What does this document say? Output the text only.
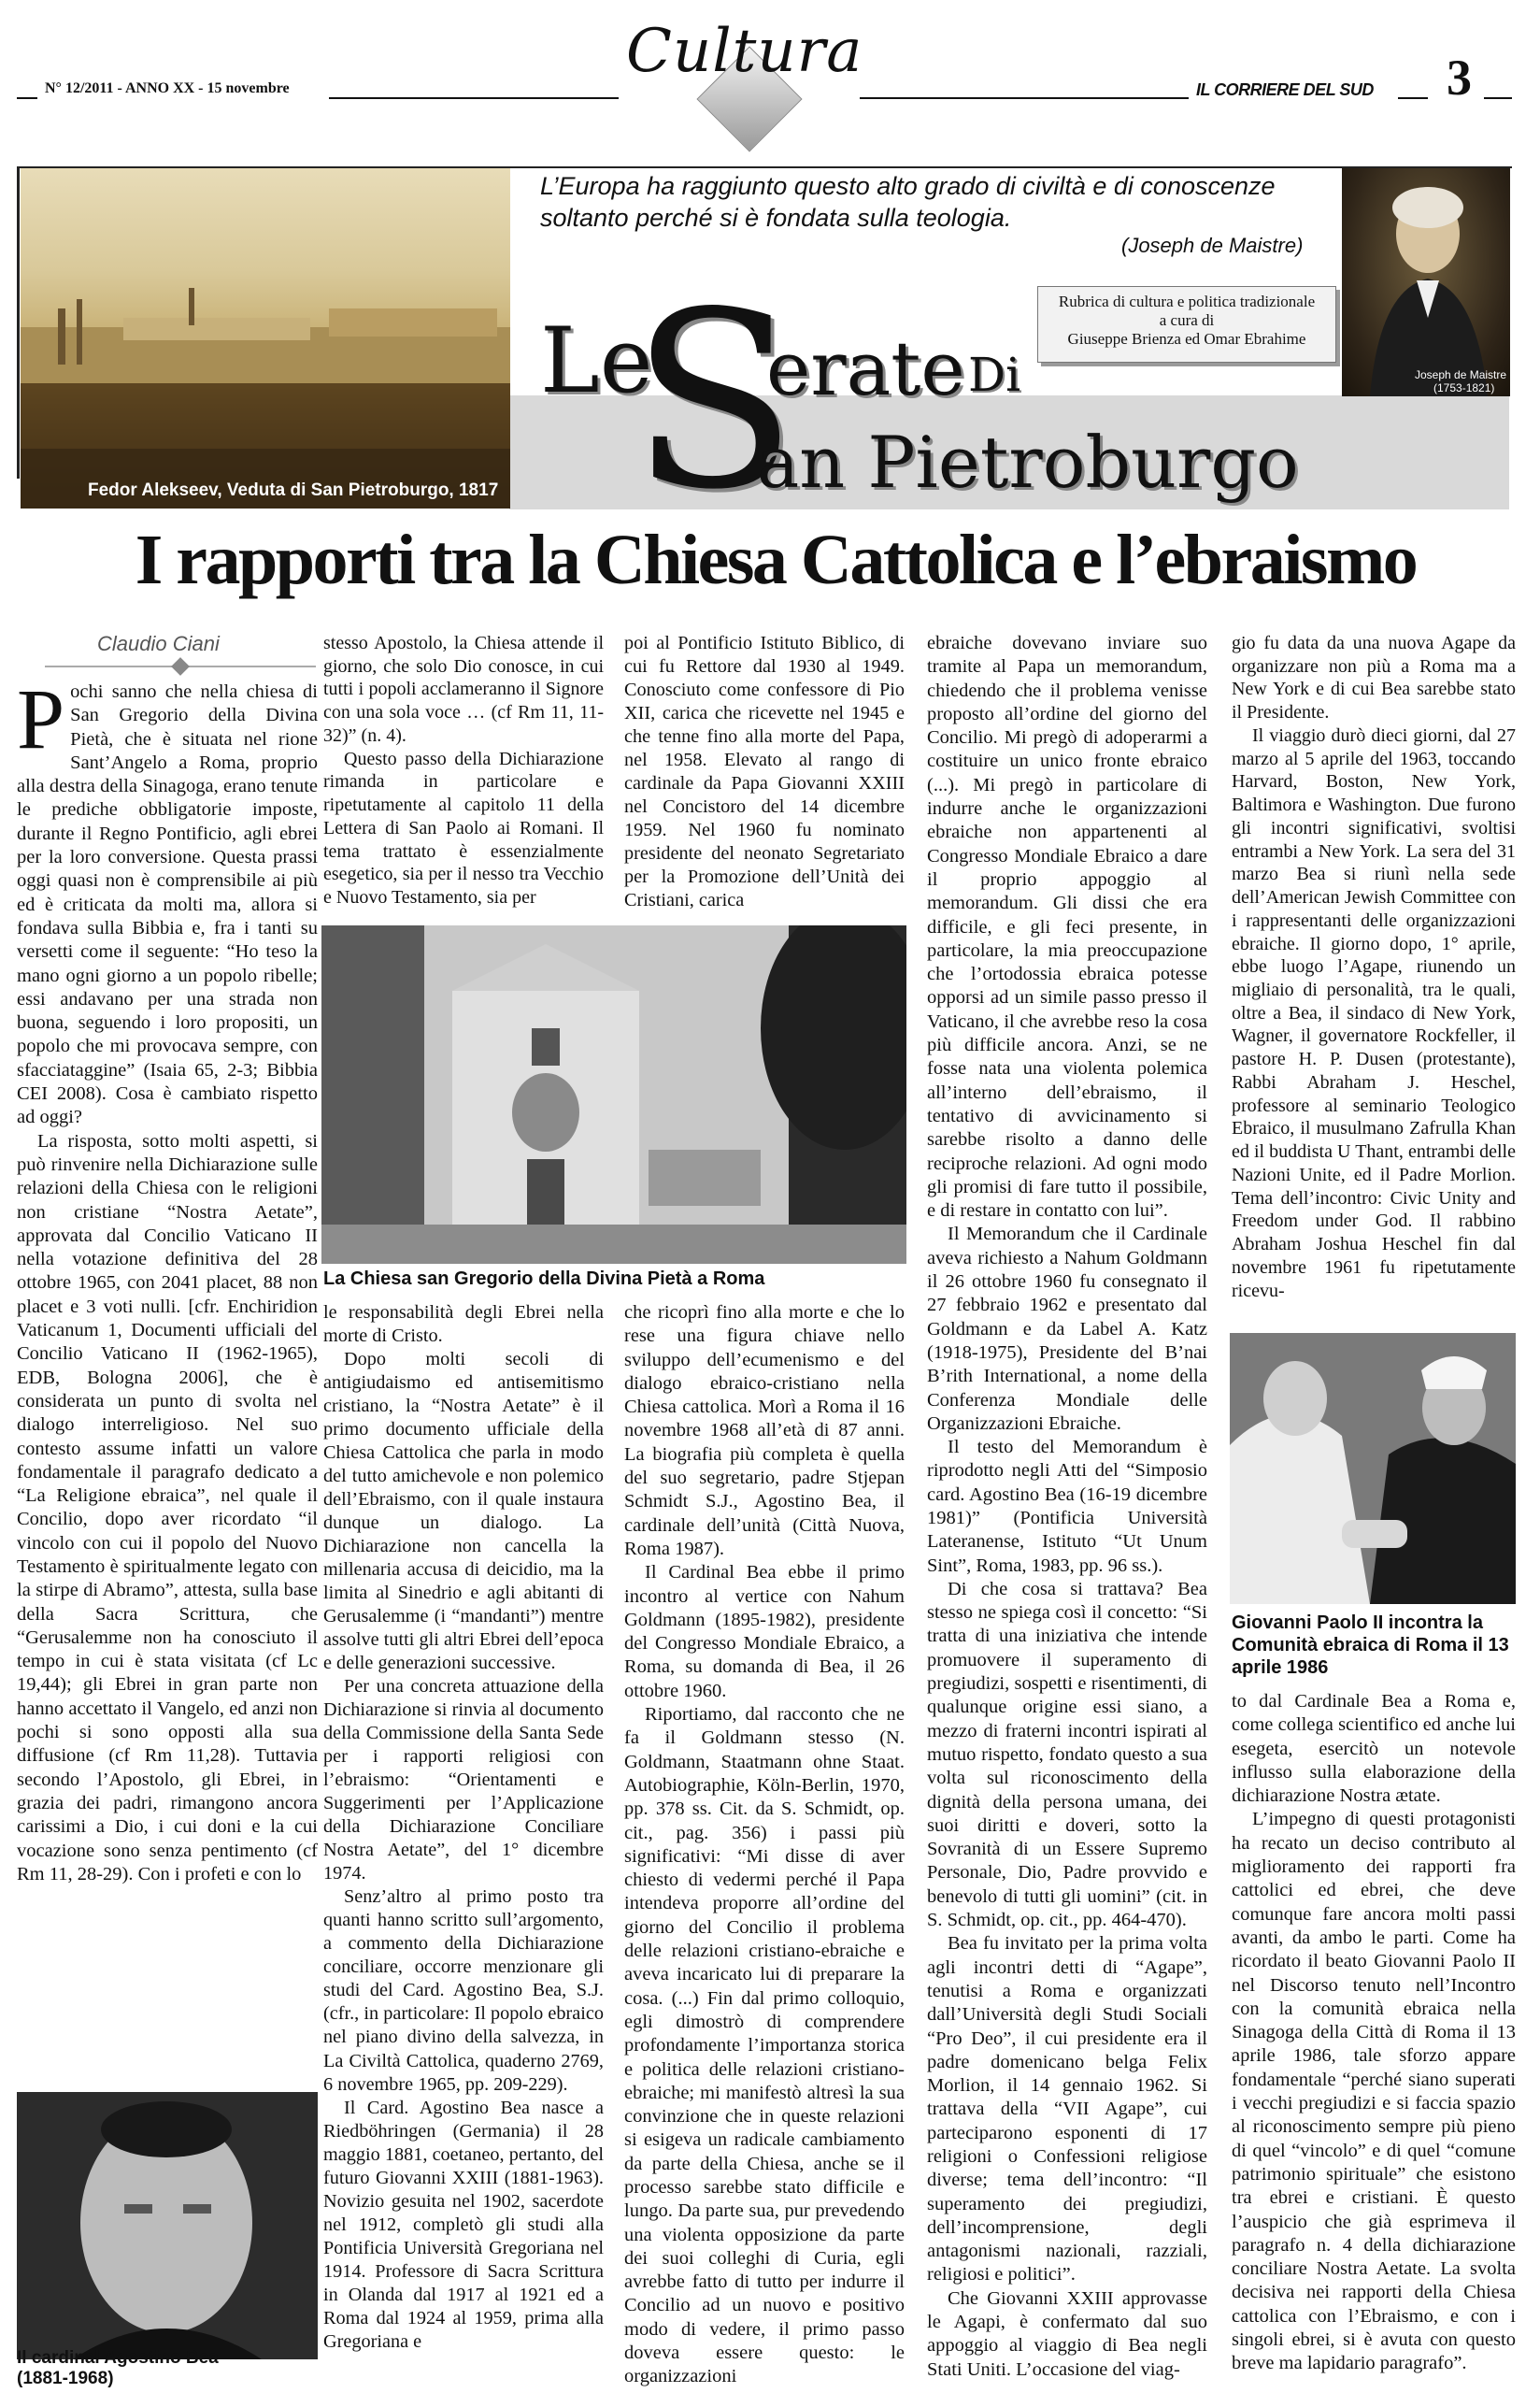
N° 12/2011 - ANNO XX - 15 novembre
Cultura
IL CORRIERE DEL SUD 3
Fedor Alekseev, Veduta di San Pietroburgo, 1817
L’Europa ha raggiunto questo alto grado di civiltà e di conoscenze soltanto perché si è fondata sulla teologia.
(Joseph de Maistre)
Rubrica di cultura e politica tradizionale
a cura di
Giuseppe Brienza ed Omar Ebrahime
Joseph de Maistre
(1753-1821)
Le
S
erate Di
an Pietroburgo
I rapporti tra la Chiesa Cattolica e l’ebraismo
Claudio Ciani

Pochi sanno che nella chiesa di San Gregorio della Divina Pietà, che è situata nel rione Sant’Angelo a Roma, proprio alla destra della Sinagoga, erano tenute le prediche obbligatorie imposte, durante il Regno Pontificio, agli ebrei per la loro conversione. Questa prassi oggi quasi non è comprensibile ai più ed è criticata da molti ma, allora si fondava sulla Bibbia e, fra i tanti su versetti come il seguente: “Ho teso la mano ogni giorno a un popolo ribelle; essi andavano per una strada non buona, seguendo i loro propositi, un popolo che mi provocava sempre, con sfacciataggine” (Isaia 65, 2-3; Bibbia CEI 2008). Cosa è cambiato rispetto ad oggi?

La risposta, sotto molti aspetti, si può rinvenire nella Dichiarazione sulle relazioni della Chiesa con le religioni non cristiane “Nostra Aetate”, approvata dal Concilio Vaticano II nella votazione definitiva del 28 ottobre 1965, con 2041 placet, 88 non placet e 3 voti nulli. [cfr. Enchiridion Vaticanum 1, Documenti ufficiali del Concilio Vaticano II (1962-1965), EDB, Bologna 2006], che è considerata un punto di svolta nel dialogo interreligioso. Nel suo contesto assume infatti un valore fondamentale il paragrafo dedicato a “La Religione ebraica”, nel quale il Concilio, dopo aver ricordato “il vincolo con cui il popolo del Nuovo Testamento è spiritualmente legato con la stirpe di Abramo”, attesta, sulla base della Sacra Scrittura, che “Gerusalemme non ha conosciuto il tempo in cui è stata visitata (cf Lc 19,44); gli Ebrei in gran parte non hanno accettato il Vangelo, ed anzi non pochi si sono opposti alla sua diffusione (cf Rm 11,28). Tuttavia secondo l’Apostolo, gli Ebrei, in grazia dei padri, rimangono ancora carissimi a Dio, i cui doni e la cui vocazione sono senza pentimento (cf Rm 11, 28-29). Con i profeti e con lo

stesso Apostolo, la Chiesa attende il giorno, che solo Dio conosce, in cui tutti i popoli acclameranno il Signore con una sola voce … (cf Rm 11, 11-32)” (n. 4).

Questo passo della Dichiarazione rimanda in particolare e ripetutamente al capitolo 11 della Lettera di San Paolo ai Romani. Il tema trattato è essenzialmente esegetico, sia per il nesso tra Vecchio e Nuovo Testamento, sia per

poi al Pontificio Istituto Biblico, di cui fu Rettore dal 1930 al 1949. Conosciuto come confessore di Pio XII, carica che ricevette nel 1945 e che tenne fino alla morte del Papa, nel 1958. Elevato al rango di cardinale da Papa Giovanni XXIII nel Concistoro del 14 dicembre 1959. Nel 1960 fu nominato presidente del neonato Segretariato per la Promozione dell’Unità dei Cristiani, carica

La Chiesa san Gregorio della Divina Pietà a Roma

le responsabilità degli Ebrei nella morte di Cristo.

Dopo molti secoli di antigiudaismo ed antisemitismo cristiano, la “Nostra Aetate” è il primo documento ufficiale della Chiesa Cattolica che parla in modo del tutto amichevole e non polemico dell’Ebraismo, con il quale instaura dunque un dialogo. La Dichiarazione non cancella la millenaria accusa di deicidio, ma la limita al Sinedrio e agli abitanti di Gerusalemme (i “mandanti”) mentre assolve tutti gli altri Ebrei dell’epoca e delle generazioni successive.

Per una concreta attuazione della Dichiarazione si rinvia al documento della Commissione della Santa Sede per i rapporti religiosi con l’ebraismo: “Orientamenti e Suggerimenti per l’Applicazione della Dichiarazione Conciliare Nostra Aetate”, del 1° dicembre 1974.

Senz’altro al primo posto tra quanti hanno scritto sull’argomento, a commento della Dichiarazione conciliare, occorre menzionare gli studi del Card. Agostino Bea, S.J. (cfr., in particolare: Il popolo ebraico nel piano divino della salvezza, in La Civiltà Cattolica, quaderno 2769, 6 novembre 1965, pp. 209-229).

Il Card. Agostino Bea nasce a Riedböhringen (Germania) il 28 maggio 1881, coetaneo, pertanto, del futuro Giovanni XXIII (1881-1963). Novizio gesuita nel 1902, sacerdote nel 1912, completò gli studi alla Pontificia Università Gregoriana nel 1914. Professore di Sacra Scrittura in Olanda dal 1917 al 1921 ed a Roma dal 1924 al 1959, prima alla Gregoriana e

che ricoprì fino alla morte e che lo rese una figura chiave nello sviluppo dell’ecumenismo e del dialogo ebraico-cristiano nella Chiesa cattolica. Morì a Roma il 16 novembre 1968 all’età di 87 anni. La biografia più completa è quella del suo segretario, padre Stjepan Schmidt S.J., Agostino Bea, il cardinale dell’unità (Città Nuova, Roma 1987).

Il Cardinal Bea ebbe il primo incontro al vertice con Nahum Goldmann (1895-1982), presidente del Congresso Mondiale Ebraico, a Roma, su domanda di Bea, il 26 ottobre 1960.

Riportiamo, dal racconto che ne fa il Goldmann stesso (N. Goldmann, Staatmann ohne Staat. Autobiographie, Köln-Berlin, 1970, pp. 378 ss. Cit. da S. Schmidt, op. cit., pag. 356) i passi più significativi: “Mi disse di aver chiesto di vedermi perché il Papa intendeva proporre all’ordine del giorno del Concilio il problema delle relazioni cristiano-ebraiche e aveva incaricato lui di preparare la cosa. (...) Fin dal primo colloquio, egli dimostrò di comprendere profondamente l’importanza storica e politica delle relazioni cristiano-ebraiche; mi manifestò altresì la sua convinzione che in queste relazioni si esigeva un radicale cambiamento da parte della Chiesa, anche se il processo sarebbe stato difficile e lungo. Da parte sua, pur prevedendo una violenta opposizione da parte dei suoi colleghi di Curia, egli avrebbe fatto di tutto per indurre il Concilio ad un nuovo e positivo modo di vedere, il primo passo doveva essere questo: le organizzazioni

ebraiche dovevano inviare suo tramite al Papa un memorandum, chiedendo che il problema venisse proposto all’ordine del giorno del Concilio. Mi pregò di adoperarmi a costituire un unico fronte ebraico (...). Mi pregò in particolare di indurre anche le organizzazioni ebraiche non appartenenti al Congresso Mondiale Ebraico a dare il proprio appoggio al memorandum. Gli dissi che era difficile, e gli feci presente, in particolare, la mia preoccupazione che l’ortodossia ebraica potesse opporsi ad un simile passo presso il Vaticano, il che avrebbe reso la cosa più difficile ancora. Anzi, se ne fosse nata una violenta polemica all’interno dell’ebraismo, il tentativo di avvicinamento si sarebbe risolto a danno delle reciproche relazioni. Ad ogni modo gli promisi di fare tutto il possibile, e di restare in contatto con lui”.

Il Memorandum che il Cardinale aveva richiesto a Nahum Goldmann il 26 ottobre 1960 fu consegnato il 27 febbraio 1962 e presentato dal Goldmann e da Label A. Katz (1918-1975), Presidente del B’nai B’rith International, a nome della Conferenza Mondiale delle Organizzazioni Ebraiche.

Il testo del Memorandum è riprodotto negli Atti del “Simposio card. Agostino Bea (16-19 dicembre 1981)” (Pontificia Università Lateranense, Istituto “Ut Unum Sint”, Roma, 1983, pp. 96 ss.).

Di che cosa si trattava? Bea stesso ne spiega così il concetto: “Si tratta di una iniziativa che intende promuovere il superamento di pregiudizi, sospetti e risentimenti, di qualunque origine essi siano, a mezzo di fraterni incontri ispirati al mutuo rispetto, fondato questo a sua volta sul riconoscimento della dignità della persona umana, dei suoi diritti e doveri, sotto la Sovranità di un Essere Supremo Personale, Dio, Padre provvido e benevolo di tutti gli uomini” (cit. in S. Schmidt, op. cit., pp. 464-470).

Bea fu invitato per la prima volta agli incontri detti di “Agape”, tenutisi a Roma e organizzati dall’Università degli Studi Sociali “Pro Deo”, il cui presidente era il padre domenicano belga Felix Morlion, il 14 gennaio 1962. Si trattava della “VII Agape”, cui parteciparono esponenti di 17 religioni o Confessioni religiose diverse; tema dell’incontro: “Il superamento dei pregiudizi, dell’incomprensione, degli antagonismi nazionali, razziali, religiosi e politici”.

Che Giovanni XXIII approvasse le Agapi, è confermato dal suo appoggio al viaggio di Bea negli Stati Uniti. L’occasione del viag-

gio fu data da una nuova Agape da organizzare non più a Roma ma a New York e di cui Bea sarebbe stato il Presidente.

Il viaggio durò dieci giorni, dal 27 marzo al 5 aprile del 1963, toccando Harvard, Boston, New York, Baltimora e Washington. Due furono gli incontri significativi, svoltisi entrambi a New York. La sera del 31 marzo Bea si riunì nella sede dell’American Jewish Committee con i rappresentanti delle organizzazioni ebraiche. Il giorno dopo, 1° aprile, ebbe luogo l’Agape, riunendo un migliaio di personalità, tra le quali, oltre a Bea, il sindaco di New York, Wagner, il governatore Rockfeller, il pastore H. P. Dusen (protestante), Rabbi Abraham J. Heschel, professore al seminario Teologico Ebraico, il musulmano Zafrulla Khan ed il buddista U Thant, entrambi delle Nazioni Unite, ed il Padre Morlion. Tema dell’incontro: Civic Unity and Freedom under God. Il rabbino Abraham Joshua Heschel fin dal novembre 1961 fu ripetutamente ricevu-

Giovanni Paolo II incontra la Comunità ebraica di Roma il 13 aprile 1986

to dal Cardinale Bea a Roma e, come collega scientifico ed anche lui esegeta, esercitò un notevole influsso sulla elaborazione della dichiarazione Nostra ætate.

L’impegno di questi protagonisti ha recato un deciso contributo al miglioramento dei rapporti fra cattolici ed ebrei, che deve comunque fare ancora molti passi avanti, da ambo le parti. Come ha ricordato il beato Giovanni Paolo II nel Discorso tenuto nell’Incontro con la comunità ebraica nella Sinagoga della Città di Roma il 13 aprile 1986, tale sforzo appare fondamentale “perché siano superati i vecchi pregiudizi e si faccia spazio al riconoscimento sempre più pieno di quel “vincolo” e di quel “comune patrimonio spirituale” che esistono tra ebrei e cristiani. È questo l’auspicio che già esprimeva il paragrafo n. 4 della dichiarazione conciliare Nostra Aetate. La svolta decisiva nei rapporti della Chiesa cattolica con l’Ebraismo, e con i singoli ebrei, si è avuta con questo breve ma lapidario paragrafo”.

Il cardinal Agostino Bea (1881-1968)
